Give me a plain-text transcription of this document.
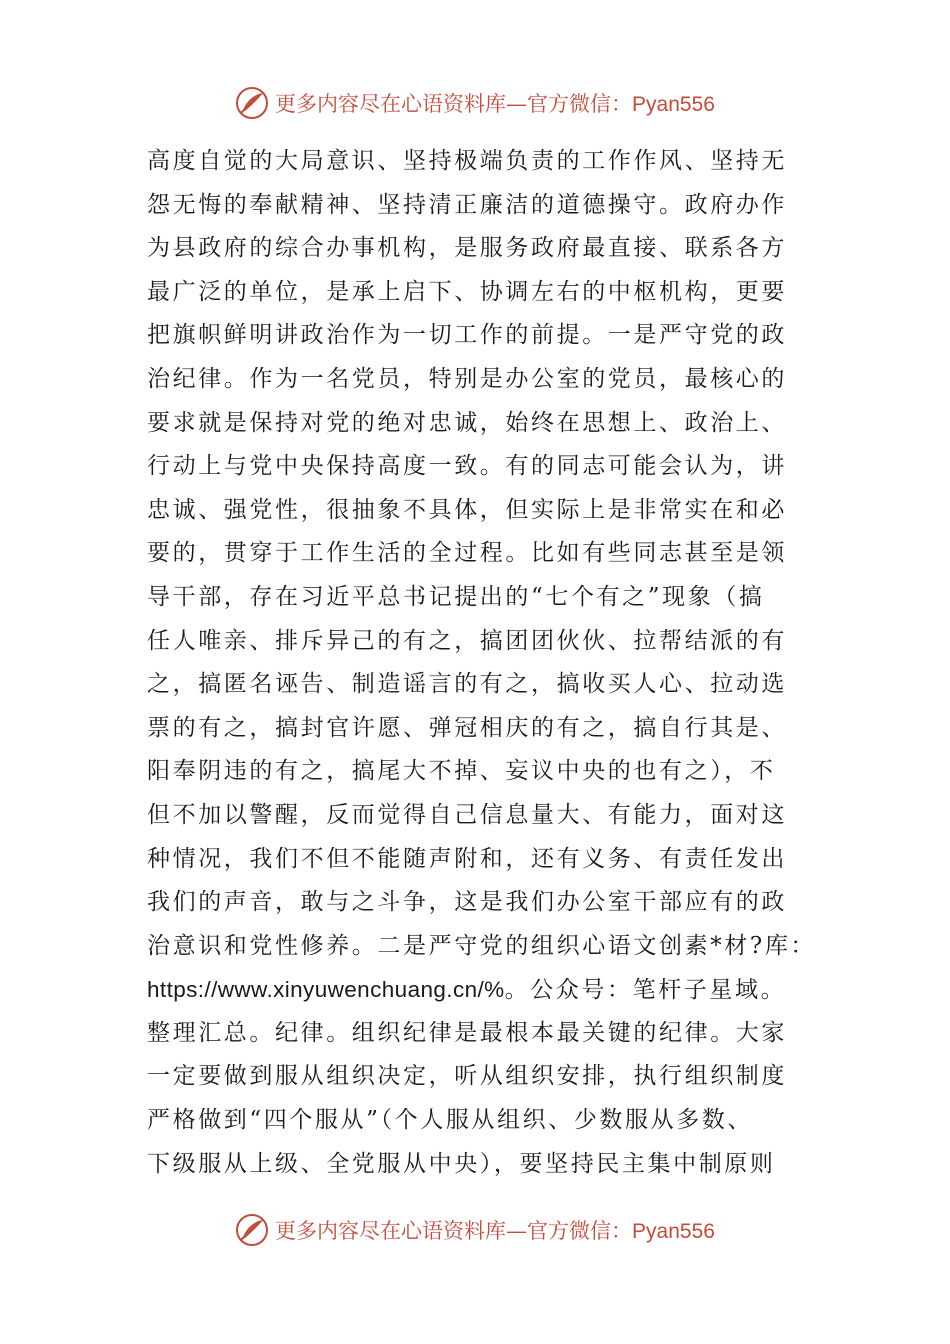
更多内容尽在心语资料库—官方微信：Pyan556
高度自觉的大局意识、坚持极端负责的工作作风、坚持无
怨无悔的奉献精神、坚持清正廉洁的道德操守。政府办作
为县政府的综合办事机构，是服务政府最直接、联系各方
最广泛的单位，是承上启下、协调左右的中枢机构，更要
把旗帜鲜明讲政治作为一切工作的前提。一是严守党的政
治纪律。作为一名党员，特别是办公室的党员，最核心的
要求就是保持对党的绝对忠诚，始终在思想上、政治上、
行动上与党中央保持高度一致。有的同志可能会认为，讲
忠诚、强党性，很抽象不具体，但实际上是非常实在和必
要的，贯穿于工作生活的全过程。比如有些同志甚至是领
导干部，存在习近平总书记提出的“七个有之”现象（搞
任人唯亲、排斥异己的有之，搞团团伙伙、拉帮结派的有
之，搞匿名诬告、制造谣言的有之，搞收买人心、拉动选
票的有之，搞封官许愿、弹冠相庆的有之，搞自行其是、
阳奉阴违的有之，搞尾大不掉、妄议中央的也有之），不
但不加以警醒，反而觉得自己信息量大、有能力，面对这
种情况，我们不但不能随声附和，还有义务、有责任发出
我们的声音，敢与之斗争，这是我们办公室干部应有的政
治意识和党性修养。二是严守党的组织心语文创素*材?库：
https://www.xinyuwenchuang.cn/%。公众号：笔杆子星域。
整理汇总。纪律。组织纪律是最根本最关键的纪律。大家
一定要做到服从组织决定，听从组织安排，执行组织制度
严格做到“四个服从”（个人服从组织、少数服从多数、
下级服从上级、全党服从中央），要坚持民主集中制原则
更多内容尽在心语资料库—官方微信：Pyan556
